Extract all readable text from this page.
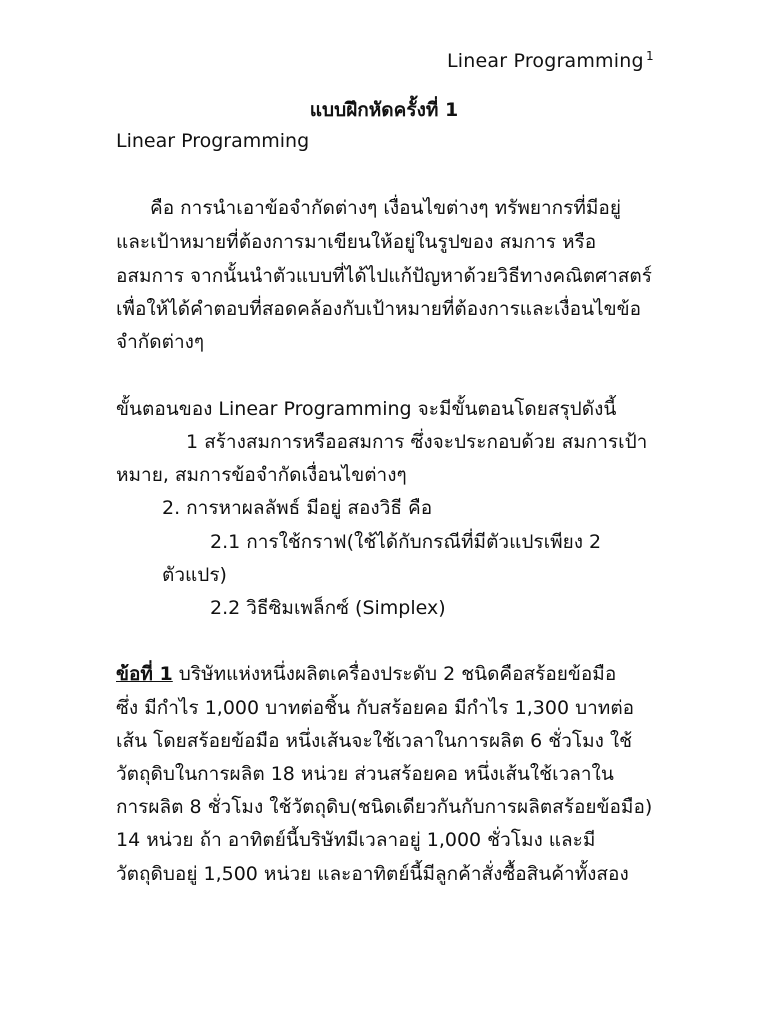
Linear Programming 1
แบบฝึกหัดครั้งที่ 1
Linear Programming
คือ การนำเอาข้อจำกัดต่างๆ เงื่อนไขต่างๆ ทรัพยากรที่มีอยู่
และเป้าหมายที่ต้องการมาเขียนให้อยู่ในรูปของ สมการ หรือ
อสมการ จากนั้นนำตัวแบบที่ได้ไปแก้ปัญหาด้วยวิธีทางคณิตศาสตร์
เพื่อให้ได้คำตอบที่สอดคล้องกับเป้าหมายที่ต้องการและเงื่อนไขข้อ
จำกัดต่างๆ
ขั้นตอนของ Linear Programming จะมีขั้นตอนโดยสรุปดังนี้
1 สร้างสมการหรืออสมการ ซึ่งจะประกอบด้วย สมการเป้า
หมาย, สมการข้อจำกัดเงื่อนไขต่างๆ
2. การหาผลลัพธ์ มีอยู่ สองวิธี คือ
2.1 การใช้กราฟ(ใช้ได้กับกรณีที่มีตัวแปรเพียง 2
ตัวแปร)
2.2 วิธีซิมเพล็กซ์ (Simplex)
ข้อที่ 1 บริษัทแห่งหนึ่งผลิตเครื่องประดับ 2 ชนิดคือสร้อยข้อมือ
ซึ่ง มีกำไร 1,000 บาทต่อชิ้น กับสร้อยคอ มีกำไร 1,300 บาทต่อ
เส้น โดยสร้อยข้อมือ หนึ่งเส้นจะใช้เวลาในการผลิต 6 ชั่วโมง ใช้
วัตถุดิบในการผลิต 18 หน่วย ส่วนสร้อยคอ หนึ่งเส้นใช้เวลาใน
การผลิต 8 ชั่วโมง ใช้วัตถุดิบ(ชนิดเดียวกันกับการผลิตสร้อยข้อมือ)
14 หน่วย ถ้า อาทิตย์นี้บริษัทมีเวลาอยู่ 1,000 ชั่วโมง และมี
วัตถุดิบอยู่ 1,500 หน่วย และอาทิตย์นี้มีลูกค้าสั่งซื้อสินค้าทั้งสอง
